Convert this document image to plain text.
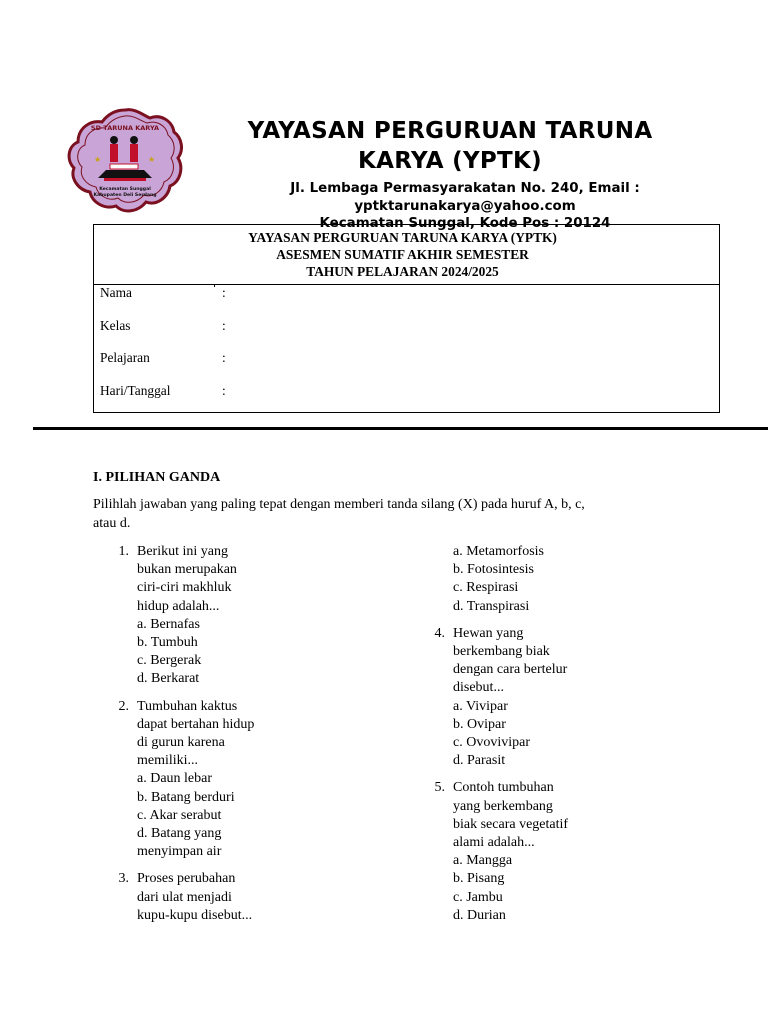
★	★
SD TARUNA KARYA
Kecamatan Sunggal
Kabupaten Deli Serdang
YAYASAN PERGURUAN TARUNA
KARYA (YPTK)
Jl. Lembaga Permasyarakatan No. 240, Email :
yptktarunakarya@yahoo.com
Kecamatan Sunggal, Kode Pos : 20124
YAYASAN PERGURUAN TARUNA KARYA (YPTK)
ASESMEN SUMATIF AKHIR SEMESTER
TAHUN PELAJARAN 2024/2025
Nama	:
Kelas	:
Pelajaran	:
Hari/Tanggal	:
I. PILIHAN GANDA
Pilihlah jawaban yang paling tepat dengan memberi tanda silang (X) pada huruf A, b, c, atau d.
1. Berikut ini yang
bukan merupakan
ciri-ciri makhluk
hidup adalah...
a. Bernafas
b. Tumbuh
c. Bergerak
d. Berkarat
2. Tumbuhan kaktus
dapat bertahan hidup
di gurun karena
memiliki...
a. Daun lebar
b. Batang berduri
c. Akar serabut
d. Batang yang
menyimpan air
3. Proses perubahan
dari ulat menjadi
kupu-kupu disebut...
a. Metamorfosis
b. Fotosintesis
c. Respirasi
d. Transpirasi
4. Hewan yang
berkembang biak
dengan cara bertelur
disebut...
a. Vivipar
b. Ovipar
c. Ovovivipar
d. Parasit
5. Contoh tumbuhan
yang berkembang
biak secara vegetatif
alami adalah...
a. Mangga
b. Pisang
c. Jambu
d. Durian
